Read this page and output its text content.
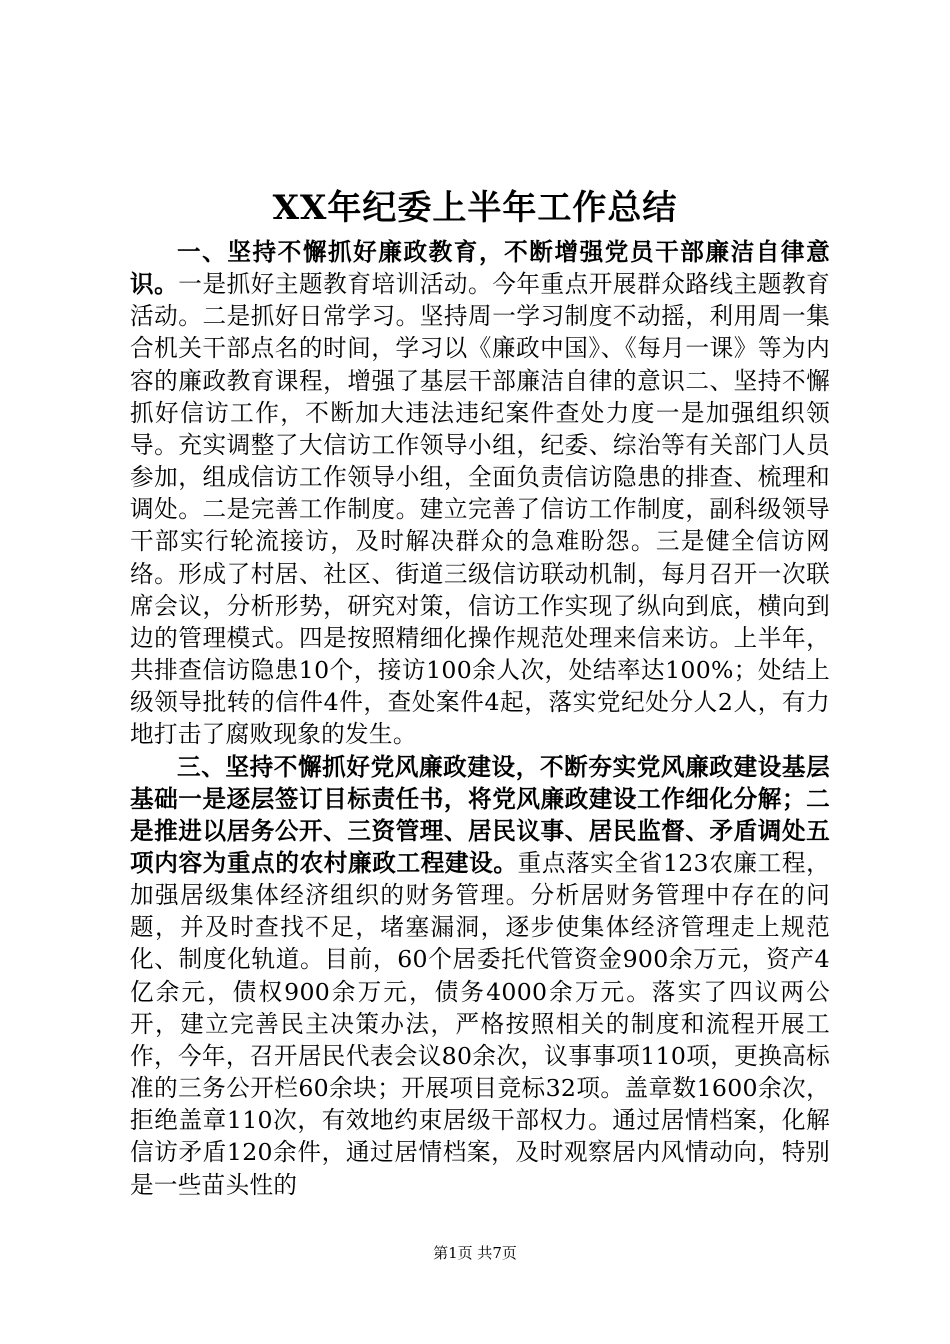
XX年纪委上半年工作总结

一、坚持不懈抓好廉政教育，不断增强党员干部廉洁自律意识。一是抓好主题教育培训活动。今年重点开展群众路线主题教育活动。二是抓好日常学习。坚持周一学习制度不动摇，利用周一集合机关干部点名的时间，学习以《廉政中国》、《每月一课》等为内容的廉政教育课程，增强了基层干部廉洁自律的意识二、坚持不懈抓好信访工作，不断加大违法违纪案件查处力度一是加强组织领导。充实调整了大信访工作领导小组，纪委、综治等有关部门人员参加，组成信访工作领导小组，全面负责信访隐患的排查、梳理和调处。二是完善工作制度。建立完善了信访工作制度，副科级领导干部实行轮流接访，及时解决群众的急难盼怨。三是健全信访网络。形成了村居、社区、街道三级信访联动机制，每月召开一次联席会议，分析形势，研究对策，信访工作实现了纵向到底，横向到边的管理模式。四是按照精细化操作规范处理来信来访。上半年，共排查信访隐患10个，接访100余人次，处结率达100%；处结上级领导批转的信件4件，查处案件4起，落实党纪处分人2人，有力地打击了腐败现象的发生。

三、坚持不懈抓好党风廉政建设，不断夯实党风廉政建设基层基础一是逐层签订目标责任书，将党风廉政建设工作细化分解；二是推进以居务公开、三资管理、居民议事、居民监督、矛盾调处五项内容为重点的农村廉政工程建设。重点落实全省123农廉工程，加强居级集体经济组织的财务管理。分析居财务管理中存在的问题，并及时查找不足，堵塞漏洞，逐步使集体经济管理走上规范化、制度化轨道。目前，60个居委托代管资金900余万元，资产4亿余元，债权900余万元，债务4000余万元。落实了四议两公开，建立完善民主决策办法，严格按照相关的制度和流程开展工作，今年，召开居民代表会议80余次，议事事项110项，更换高标准的三务公开栏60余块；开展项目竞标32项。盖章数1600余次，拒绝盖章110次，有效地约束居级干部权力。通过居情档案，化解信访矛盾120余件，通过居情档案，及时观察居内风情动向，特别是一些苗头性的

第1页 共7页
